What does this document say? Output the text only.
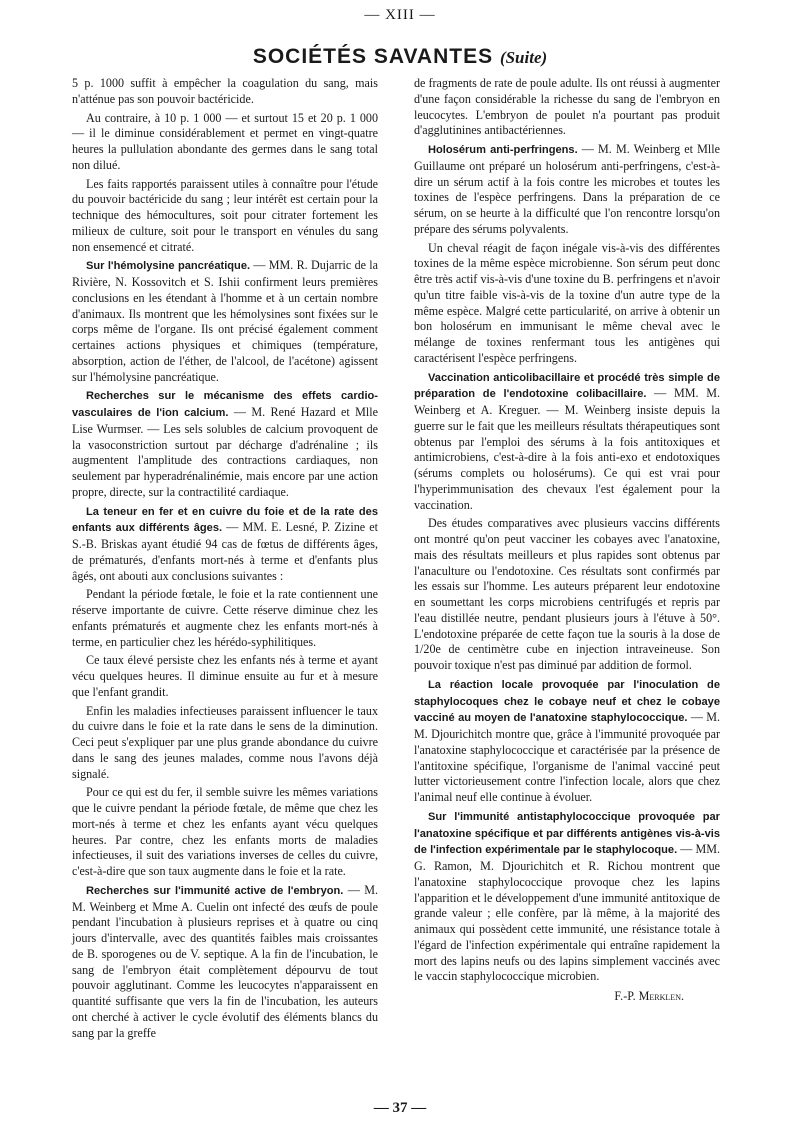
— XIII —
SOCIÉTÉS SAVANTES (Suite)

5 p. 1000 suffit à empêcher la coagulation du sang, mais n'atténue pas son pouvoir bactéricide.

Au contraire, à 10 p. 1 000 — et surtout 15 et 20 p. 1 000 — il le diminue considérablement et permet en vingt-quatre heures la pullulation abondante des germes dans le sang total non dilué.

Les faits rapportés paraissent utiles à connaître pour l'étude du pouvoir bactéricide du sang ; leur intérêt est certain pour la technique des hémocultures, soit pour citrater fortement les milieux de culture, soit pour le transport en vénules du sang non ensemencé et citraté.

Sur l'hémolysine pancréatique. — MM. R. Dujarric de la Rivière, N. Kossovitch et S. Ishii confirment leurs premières conclusions en les étendant à l'homme et à un certain nombre d'animaux. Ils montrent que les hémolysines sont fixées sur le corps même de l'organe. Ils ont précisé également comment certaines actions physiques et chimiques (température, absorption, action de l'éther, de l'alcool, de l'acétone) agissent sur l'hémolysine pancréatique.

Recherches sur le mécanisme des effets cardio-vasculaires de l'ion calcium. — M. René Hazard et Mlle Lise Wurmser. — Les sels solubles de calcium provoquent de la vasoconstriction surtout par décharge d'adrénaline ; ils augmentent l'amplitude des contractions cardiaques, non seulement par hyperadrénalinémie, mais encore par une action propre, directe, sur la contractilité cardiaque.

La teneur en fer et en cuivre du foie et de la rate des enfants aux différents âges. — MM. E. Lesné, P. Zizine et S.-B. Briskas ayant étudié 94 cas de fœtus de différents âges, de prématurés, d'enfants mort-nés à terme et d'enfants plus âgés, ont abouti aux conclusions suivantes :

Pendant la période fœtale, le foie et la rate contiennent une réserve importante de cuivre. Cette réserve diminue chez les enfants prématurés et augmente chez les enfants mort-nés à terme, en particulier chez les hérédo-syphilitiques.

Ce taux élevé persiste chez les enfants nés à terme et ayant vécu quelques heures. Il diminue ensuite au fur et à mesure que l'enfant grandit.

Enfin les maladies infectieuses paraissent influencer le taux du cuivre dans le foie et la rate dans le sens de la diminution. Ceci peut s'expliquer par une plus grande abondance du cuivre dans le sang des jeunes malades, comme nous l'avons déjà signalé.

Pour ce qui est du fer, il semble suivre les mêmes variations que le cuivre pendant la période fœtale, de même que chez les mort-nés à terme et chez les enfants ayant vécu quelques heures. Par contre, chez les enfants morts de maladies infectieuses, il suit des variations inverses de celles du cuivre, c'est-à-dire que son taux augmente dans le foie et la rate.

Recherches sur l'immunité active de l'embryon. — M. M. Weinberg et Mme A. Cuelin ont infecté des œufs de poule pendant l'incubation à plusieurs reprises et à quatre ou cinq jours d'intervalle, avec des quantités faibles mais croissantes de B. sporogenes ou de V. septique. A la fin de l'incubation, le sang de l'embryon était complètement dépourvu de tout pouvoir agglutinant. Comme les leucocytes n'apparaissent en quantité suffisante que vers la fin de l'incubation, les auteurs ont cherché à activer le cycle évolutif des éléments blancs du sang par la greffe

de fragments de rate de poule adulte. Ils ont réussi à augmenter d'une façon considérable la richesse du sang de l'embryon en leucocytes. L'embryon de poulet n'a pourtant pas produit d'agglutinines antibactériennes.

Holosérum anti-perfringens. — M. M. Weinberg et Mlle Guillaume ont préparé un holosérum anti-perfringens, c'est-à-dire un sérum actif à la fois contre les microbes et toutes les toxines de l'espèce perfringens. Dans la préparation de ce sérum, on se heurte à la difficulté que l'on rencontre lorsqu'on prépare des sérums polyvalents.

Un cheval réagit de façon inégale vis-à-vis des différentes toxines de la même espèce microbienne. Son sérum peut donc être très actif vis-à-vis d'une toxine du B. perfringens et n'avoir qu'un titre faible vis-à-vis de la toxine d'un autre type de la même espèce. Malgré cette particularité, on arrive à obtenir un bon holosérum en immunisant le même cheval avec le mélange de toxines renfermant tous les antigènes qui caractérisent l'espèce perfringens.

Vaccination anticolibacillaire et procédé très simple de préparation de l'endotoxine colibacillaire. — MM. M. Weinberg et A. Kreguer. — M. Weinberg insiste depuis la guerre sur le fait que les meilleurs résultats thérapeutiques sont obtenus par l'emploi des sérums à la fois antitoxiques et antimicrobiens, c'est-à-dire à la fois anti-exo et endotoxiques (sérums complets ou holosérums). Ce qui est vrai pour l'hyperimmunisation des chevaux l'est également pour la vaccination.

Des études comparatives avec plusieurs vaccins différents ont montré qu'on peut vacciner les cobayes avec l'anatoxine, mais des résultats meilleurs et plus rapides sont obtenus par l'anaculture ou l'endotoxine. Ces résultats sont confirmés par les essais sur l'homme. Les auteurs préparent leur endotoxine en soumettant les corps microbiens centrifugés et repris par l'eau distillée neutre, pendant plusieurs jours à l'étuve à 50°. L'endotoxine préparée de cette façon tue la souris à la dose de 1/20e de centimètre cube en injection intraveineuse. Son pouvoir toxique n'est pas diminué par addition de formol.

La réaction locale provoquée par l'inoculation de staphylocoques chez le cobaye neuf et chez le cobaye vacciné au moyen de l'anatoxine staphylococcique. — M. M. Djourichitch montre que, grâce à l'immunité provoquée par l'anatoxine staphylococcique et caractérisée par la présence de l'antitoxine spécifique, l'organisme de l'animal vacciné peut lutter victorieusement contre l'infection locale, alors que chez l'animal neuf elle continue à évoluer.

Sur l'immunité antistaphylococcique provoquée par l'anatoxine spécifique et par différents antigènes vis-à-vis de l'infection expérimentale par le staphylocoque. — MM. G. Ramon, M. Djourichitch et R. Richou montrent que l'anatoxine staphylococcique provoque chez les lapins l'apparition et le développement d'une immunité antitoxique de grande valeur ; elle confère, par là même, à la majorité des animaux qui possèdent cette immunité, une résistance totale à l'égard de l'infection expérimentale qui entraîne rapidement la mort des lapins neufs ou des lapins simplement vaccinés avec le vaccin staphylococcique microbien.

F.-P. Merklen.

— 37 —
